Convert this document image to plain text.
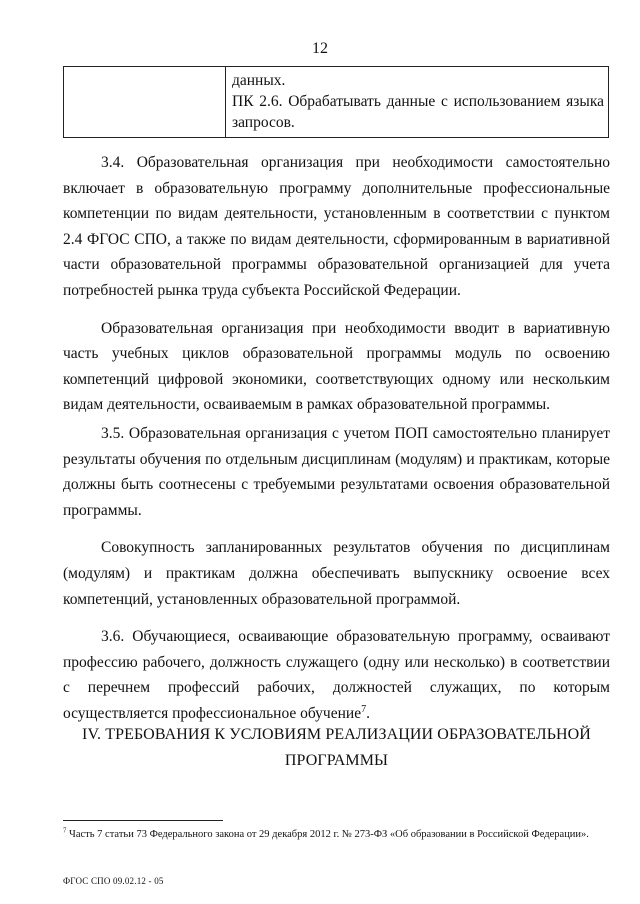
12
данных.
ПК 2.6. Обрабатывать данные с использованием языка
запросов.

3.4. Образовательная организация при необходимости самостоятельно включает в образовательную программу дополнительные профессиональные компетенции по видам деятельности, установленным в соответствии с пунктом 2.4 ФГОС СПО, а также по видам деятельности, сформированным в вариативной части образовательной программы образовательной организацией для учета потребностей рынка труда субъекта Российской Федерации.

Образовательная организация при необходимости вводит в вариативную часть учебных циклов образовательной программы модуль по освоению компетенций цифровой экономики, соответствующих одному или нескольким видам деятельности, осваиваемым в рамках образовательной программы.

3.5. Образовательная организация с учетом ПОП самостоятельно планирует результаты обучения по отдельным дисциплинам (модулям) и практикам, которые должны быть соотнесены с требуемыми результатами освоения образовательной программы.

Совокупность запланированных результатов обучения по дисциплинам (модулям) и практикам должна обеспечивать выпускнику освоение всех компетенций, установленных образовательной программой.

3.6. Обучающиеся, осваивающие образовательную программу, осваивают профессию рабочего, должность служащего (одну или несколько) в соответствии с перечнем профессий рабочих, должностей служащих, по которым осуществляется профессиональное обучение$^7$.

IV. ТРЕБОВАНИЯ К УСЛОВИЯМ РЕАЛИЗАЦИИ ОБРАЗОВАТЕЛЬНОЙ
ПРОГРАММЫ
$^7$ Часть 7 статьи 73 Федерального закона от 29 декабря 2012 г. № 273-ФЗ «Об образовании в Российской Федерации».
ФГОС СПО 09.02.12 - 05
